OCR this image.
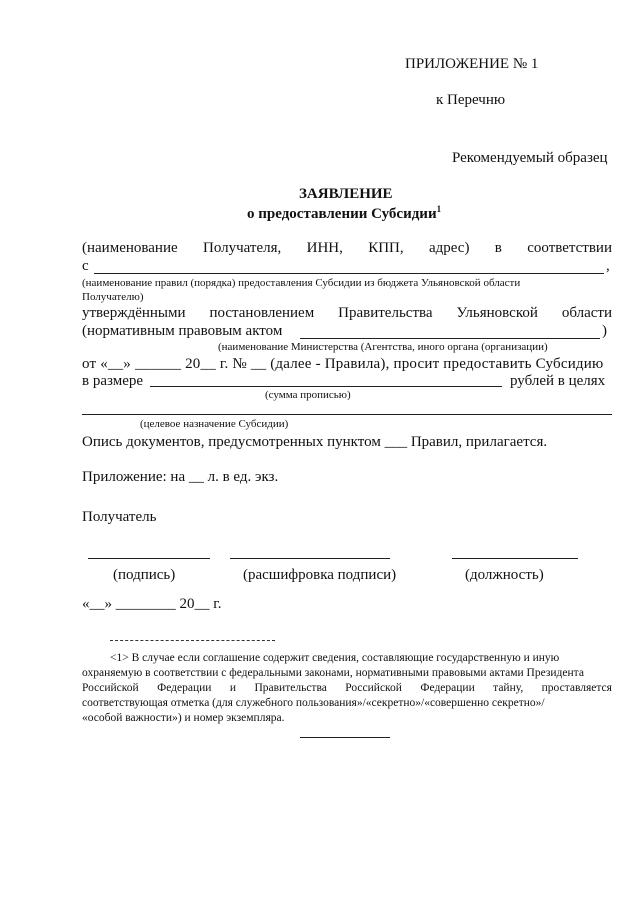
ПРИЛОЖЕНИЕ № 1
к Перечню
Рекомендуемый образец
ЗАЯВЛЕНИЕ
о предоставлении Субсидии$^1$
(наименование Получателя, ИНН, КПП, адрес) в соответствии
с	,
(наименование правил (порядка) предоставления Субсидии из бюджета Ульяновской области
Получателю)
утверждёнными постановлением Правительства Ульяновской области
(нормативным правовым актом	)
(наименование Министерства (Агентства, иного органа (организации)
от «__» ______ 20__ г. № __ (далее - Правила), просит предоставить Субсидию
в размере	рублей в целях
(сумма прописью)
(целевое назначение Субсидии)
Опись документов, предусмотренных пунктом ___ Правил, прилагается.
Приложение: на __ л. в ед. экз.
Получатель
(подпись)	(расшифровка подписи)	(должность)
«__» ________ 20__ г.
<1> В случае если соглашение содержит сведения, составляющие государственную и иную
охраняемую в соответствии с федеральными законами, нормативными правовыми актами Президента
Российской Федерации и Правительства Российской Федерации тайну, проставляется
соответствующая отметка (для служебного пользования»/«секретно»/«совершенно секретно»/
«особой важности») и номер экземпляра.
